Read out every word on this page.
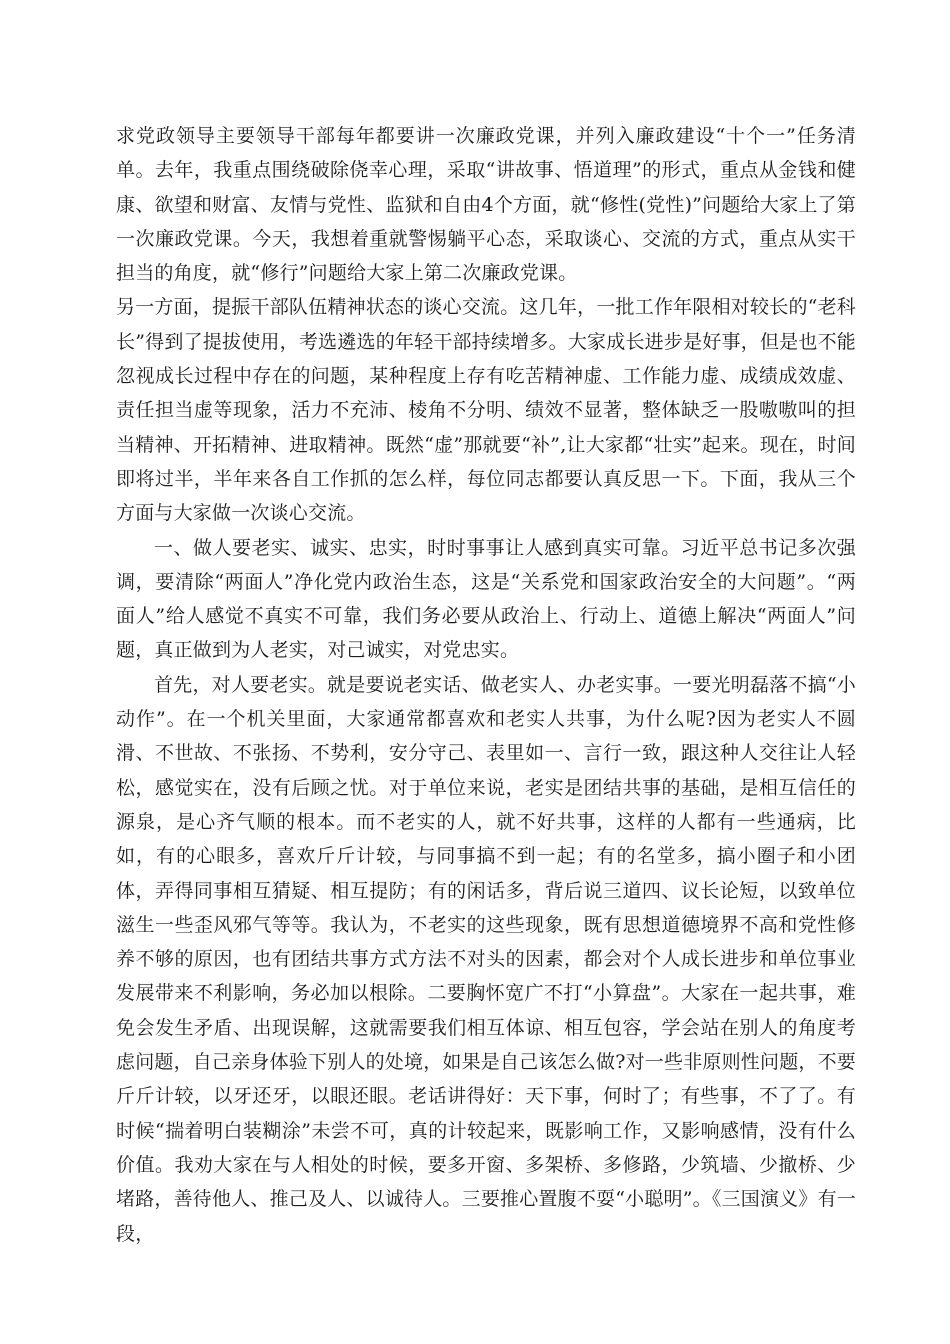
求党政领导主要领导干部每年都要讲一次廉政党课，并列入廉政建设“十个一”任务清单。去年，我重点围绕破除侥幸心理，采取“讲故事、悟道理”的形式，重点从金钱和健康、欲望和财富、友情与党性、监狱和自由4个方面，就“修性(党性)”问题给大家上了第一次廉政党课。今天，我想着重就警惕躺平心态，采取谈心、交流的方式，重点从实干担当的角度，就“修行”问题给大家上第二次廉政党课。

另一方面，提振干部队伍精神状态的谈心交流。这几年，一批工作年限相对较长的“老科长”得到了提拔使用，考选遴选的年轻干部持续增多。大家成长进步是好事，但是也不能忽视成长过程中存在的问题，某种程度上存有吃苦精神虚、工作能力虚、成绩成效虚、责任担当虚等现象，活力不充沛、棱角不分明、绩效不显著，整体缺乏一股嗷嗷叫的担当精神、开拓精神、进取精神。既然“虚”那就要“补”,让大家都“壮实”起来。现在，时间即将过半，半年来各自工作抓的怎么样，每位同志都要认真反思一下。下面，我从三个方面与大家做一次谈心交流。

一、做人要老实、诚实、忠实，时时事事让人感到真实可靠。习近平总书记多次强调，要清除“两面人”净化党内政治生态，这是“关系党和国家政治安全的大问题”。“两面人”给人感觉不真实不可靠，我们务必要从政治上、行动上、道德上解决“两面人”问题，真正做到为人老实，对己诚实，对党忠实。

首先，对人要老实。就是要说老实话、做老实人、办老实事。一要光明磊落不搞“小动作”。在一个机关里面，大家通常都喜欢和老实人共事，为什么呢?因为老实人不圆滑、不世故、不张扬、不势利，安分守己、表里如一、言行一致，跟这种人交往让人轻松，感觉实在，没有后顾之忧。对于单位来说，老实是团结共事的基础，是相互信任的源泉，是心齐气顺的根本。而不老实的人，就不好共事，这样的人都有一些通病，比如，有的心眼多，喜欢斤斤计较，与同事搞不到一起；有的名堂多，搞小圈子和小团体，弄得同事相互猜疑、相互提防；有的闲话多，背后说三道四、议长论短，以致单位滋生一些歪风邪气等等。我认为，不老实的这些现象，既有思想道德境界不高和党性修养不够的原因，也有团结共事方式方法不对头的因素，都会对个人成长进步和单位事业发展带来不利影响，务必加以根除。二要胸怀宽广不打“小算盘”。大家在一起共事，难免会发生矛盾、出现误解，这就需要我们相互体谅、相互包容，学会站在别人的角度考虑问题，自己亲身体验下别人的处境，如果是自己该怎么做?对一些非原则性问题，不要斤斤计较，以牙还牙，以眼还眼。老话讲得好：天下事，何时了；有些事，不了了。有时候“揣着明白装糊涂”未尝不可，真的计较起来，既影响工作，又影响感情，没有什么价值。我劝大家在与人相处的时候，要多开窗、多架桥、多修路，少筑墙、少撤桥、少堵路，善待他人、推己及人、以诚待人。三要推心置腹不耍“小聪明”。《三国演义》有一段，
